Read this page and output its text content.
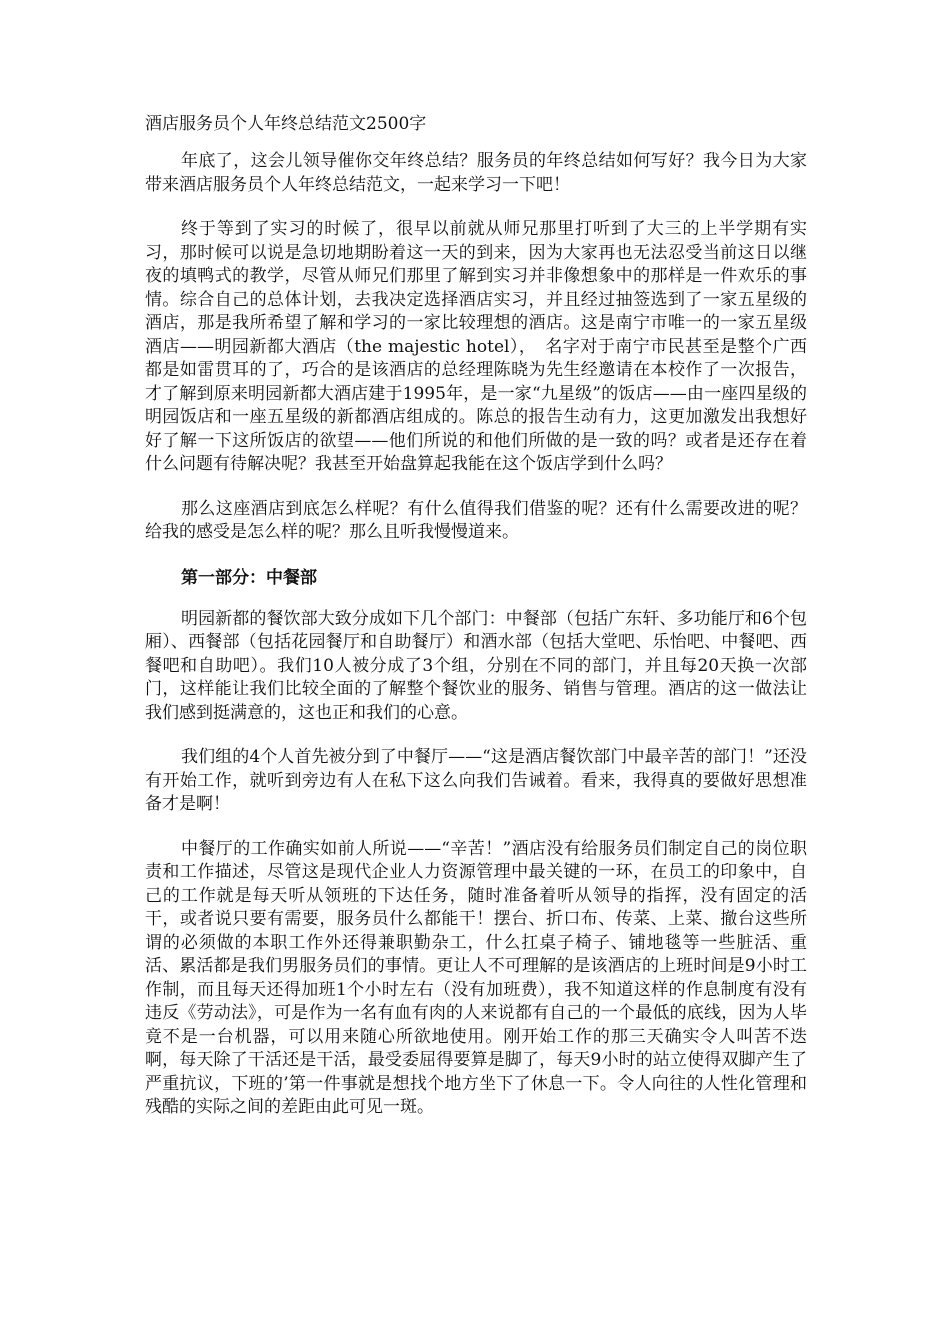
酒店服务员个人年终总结范文2500字

年底了，这会儿领导催你交年终总结？服务员的年终总结如何写好？我今日为大家带来酒店服务员个人年终总结范文，一起来学习一下吧！

终于等到了实习的时候了，很早以前就从师兄那里打听到了大三的上半学期有实习，那时候可以说是急切地期盼着这一天的到来，因为大家再也无法忍受当前这日以继夜的填鸭式的教学，尽管从师兄们那里了解到实习并非像想象中的那样是一件欢乐的事情。综合自己的总体计划，去我决定选择酒店实习，并且经过抽签选到了一家五星级的酒店，那是我所希望了解和学习的一家比较理想的酒店。这是南宁市唯一的一家五星级酒店——明园新都大酒店（the majestic hotel），　名字对于南宁市民甚至是整个广西都是如雷贯耳的了，巧合的是该酒店的总经理陈晓为先生经邀请在本校作了一次报告，才了解到原来明园新都大酒店建于1995年，是一家“九星级”的饭店——由一座四星级的明园饭店和一座五星级的新都酒店组成的。陈总的报告生动有力，这更加激发出我想好好了解一下这所饭店的欲望——他们所说的和他们所做的是一致的吗？或者是还存在着什么问题有待解决呢？我甚至开始盘算起我能在这个饭店学到什么吗？

那么这座酒店到底怎么样呢？有什么值得我们借鉴的呢？还有什么需要改进的呢？给我的感受是怎么样的呢？那么且听我慢慢道来。

第一部分：中餐部

明园新都的餐饮部大致分成如下几个部门：中餐部（包括广东轩、多功能厅和6个包厢）、西餐部（包括花园餐厅和自助餐厅）和酒水部（包括大堂吧、乐怡吧、中餐吧、西餐吧和自助吧）。我们10人被分成了3个组，分别在不同的部门，并且每20天换一次部门，这样能让我们比较全面的了解整个餐饮业的服务、销售与管理。酒店的这一做法让我们感到挺满意的，这也正和我们的心意。

我们组的4个人首先被分到了中餐厅——“这是酒店餐饮部门中最辛苦的部门！”还没有开始工作，就听到旁边有人在私下这么向我们告诫着。看来，我得真的要做好思想准备才是啊！

中餐厅的工作确实如前人所说——“辛苦！”酒店没有给服务员们制定自己的岗位职责和工作描述，尽管这是现代企业人力资源管理中最关键的一环，在员工的印象中，自己的工作就是每天听从领班的下达任务，随时准备着听从领导的指挥，没有固定的活干，或者说只要有需要，服务员什么都能干！摆台、折口布、传菜、上菜、撤台这些所谓的必须做的本职工作外还得兼职勤杂工，什么扛桌子椅子、铺地毯等一些脏活、重活、累活都是我们男服务员们的事情。更让人不可理解的是该酒店的上班时间是9小时工作制，而且每天还得加班1个小时左右（没有加班费），我不知道这样的作息制度有没有违反《劳动法》，可是作为一名有血有肉的人来说都有自己的一个最低的底线，因为人毕竟不是一台机器，可以用来随心所欲地使用。刚开始工作的那三天确实令人叫苦不迭啊，每天除了干活还是干活，最受委屈得要算是脚了，每天9小时的站立使得双脚产生了严重抗议，下班的’第一件事就是想找个地方坐下了休息一下。令人向往的人性化管理和残酷的实际之间的差距由此可见一斑。
